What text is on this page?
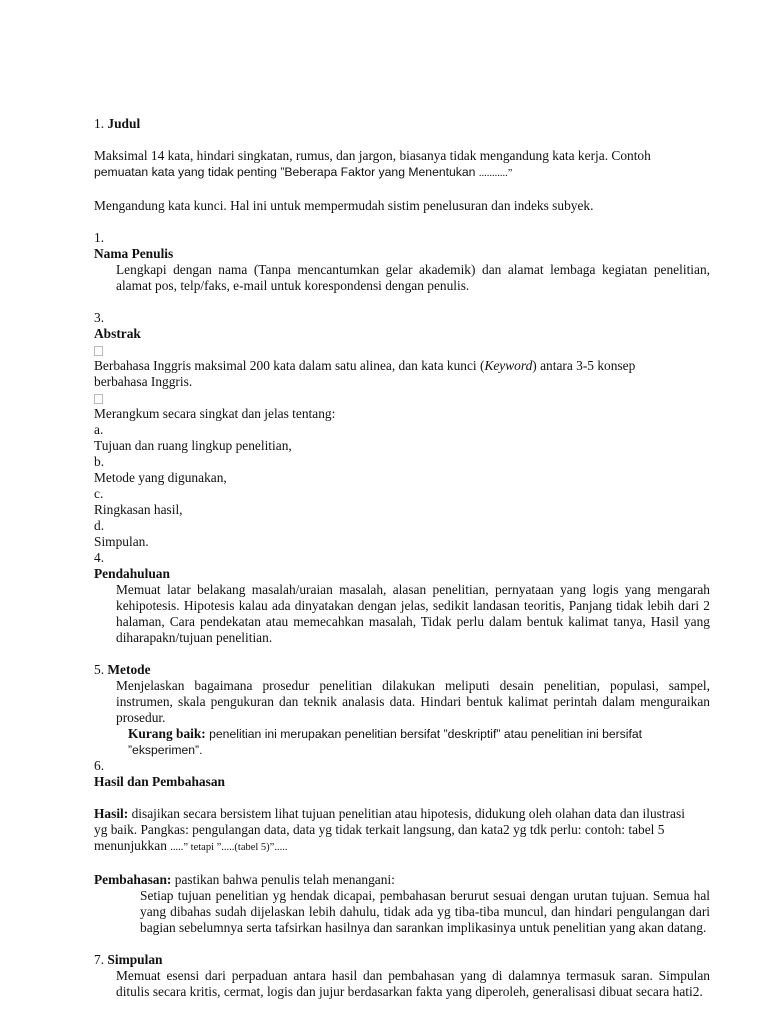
1. Judul
Maksimal 14 kata, hindari singkatan, rumus, dan jargon, biasanya tidak mengandung kata kerja. Contoh
pemuatan kata yang tidak penting ”Beberapa Faktor yang Menentukan ...........”
Mengandung kata kunci. Hal ini untuk mempermudah sistim penelusuran dan indeks subyek.
1.
Nama Penulis
Lengkapi dengan nama (Tanpa mencantumkan gelar akademik) dan alamat lembaga kegiatan penelitian, alamat pos, telp/faks, e-mail untuk korespondensi dengan penulis.
3.
Abstrak
Berbahasa Inggris maksimal 200 kata dalam satu alinea, dan kata kunci (Keyword) antara 3-5 konsep
berbahasa Inggris.
Merangkum secara singkat dan jelas tentang:
a.
Tujuan dan ruang lingkup penelitian,
b.
Metode yang digunakan,
c.
Ringkasan hasil,
d.
Simpulan.
4.
Pendahuluan
Memuat latar belakang masalah/uraian masalah, alasan penelitian, pernyataan yang logis yang mengarah kehipotesis. Hipotesis kalau ada dinyatakan dengan jelas, sedikit landasan teoritis, Panjang tidak lebih dari 2 halaman, Cara pendekatan atau memecahkan masalah, Tidak perlu dalam bentuk kalimat tanya, Hasil yang diharapakn/tujuan penelitian.
5. Metode
Menjelaskan bagaimana prosedur penelitian dilakukan meliputi desain penelitian, populasi, sampel, instrumen, skala pengukuran dan teknik analasis data. Hindari bentuk kalimat perintah dalam menguraikan prosedur.
Kurang baik: penelitian ini merupakan penelitian bersifat ”deskriptif” atau penelitian ini bersifat
”eksperimen”.
6.
Hasil dan Pembahasan
Hasil: disajikan secara bersistem lihat tujuan penelitian atau hipotesis, didukung oleh olahan data dan ilustrasi
yg baik. Pangkas: pengulangan data, data yg tidak terkait langsung, dan kata2 yg tdk perlu: contoh: tabel 5
menunjukkan .....” tetapi ”.....(tabel 5)”.....
Pembahasan: pastikan bahwa penulis telah menangani:
Setiap tujuan penelitian yg hendak dicapai, pembahasan berurut sesuai dengan urutan tujuan. Semua hal yang dibahas sudah dijelaskan lebih dahulu, tidak ada yg tiba-tiba muncul, dan hindari pengulangan dari bagian sebelumnya serta tafsirkan hasilnya dan sarankan implikasinya untuk penelitian yang akan datang.
7. Simpulan
Memuat esensi dari perpaduan antara hasil dan pembahasan yang di dalamnya termasuk saran. Simpulan ditulis secara kritis, cermat, logis dan jujur berdasarkan fakta yang diperoleh, generalisasi dibuat secara hati2.
